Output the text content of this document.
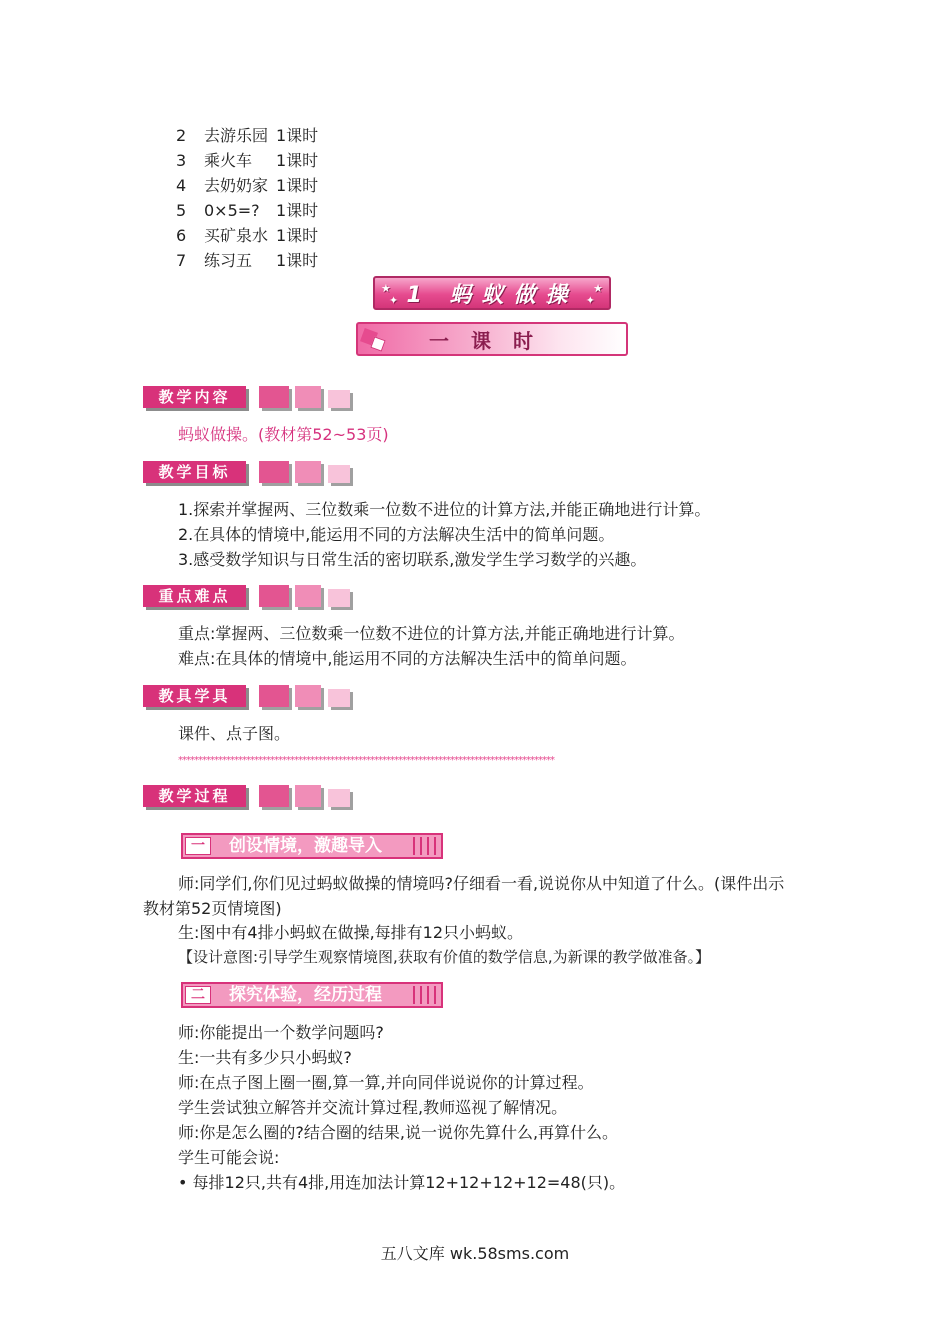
2 去游乐园 1课时
3 乘火车 1课时
4 去奶奶家 1课时
5 0×5=? 1课时
6 买矿泉水 1课时
7 练习五 1课时
★
✦
★
✦
1 蚂蚁做操
一课时
教学内容
蚂蚁做操。(教材第52~53页)
教学目标
1.探索并掌握两、三位数乘一位数不进位的计算方法,并能正确地进行计算。
2.在具体的情境中,能运用不同的方法解决生活中的简单问题。
3.感受数学知识与日常生活的密切联系,激发学生学习数学的兴趣。
重点难点
重点:掌握两、三位数乘一位数不进位的计算方法,并能正确地进行计算。
难点:在具体的情境中,能运用不同的方法解决生活中的简单问题。
教具学具
课件、点子图。
**********************************************************************************************
教学过程
一	创设情境，激趣导入
师:同学们,你们见过蚂蚁做操的情境吗?仔细看一看,说说你从中知道了什么。(课件出示
教材第52页情境图)
生:图中有4排小蚂蚁在做操,每排有12只小蚂蚁。
【设计意图:引导学生观察情境图,获取有价值的数学信息,为新课的教学做准备。】
二	探究体验，经历过程
师:你能提出一个数学问题吗?
生:一共有多少只小蚂蚁?
师:在点子图上圈一圈,算一算,并向同伴说说你的计算过程。
学生尝试独立解答并交流计算过程,教师巡视了解情况。
师:你是怎么圈的?结合圈的结果,说一说你先算什么,再算什么。
学生可能会说:
• 每排12只,共有4排,用连加法计算12+12+12+12=48(只)。
五八文库 wk.58sms.com
